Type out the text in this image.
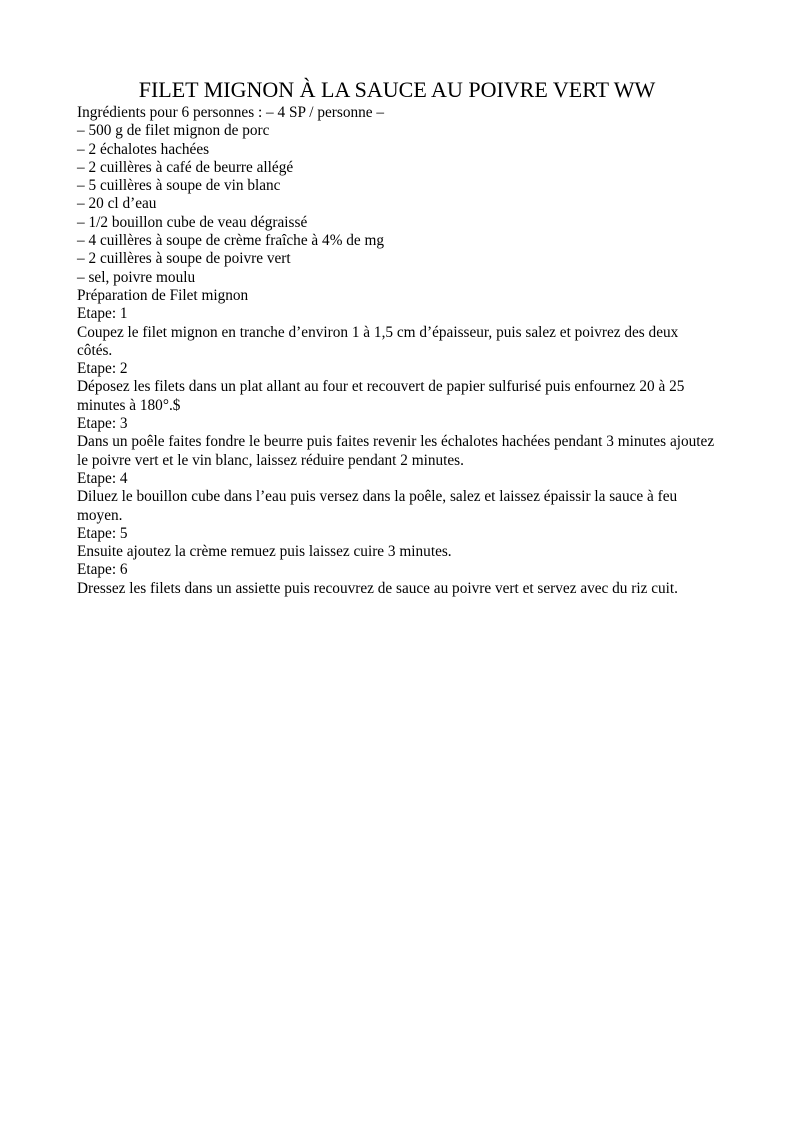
FILET MIGNON À LA SAUCE AU POIVRE VERT WW

Ingrédients pour 6 personnes : – 4 SP / personne –

– 500 g de filet mignon de porc

– 2 échalotes hachées

– 2 cuillères à café de beurre allégé

– 5 cuillères à soupe de vin blanc

– 20 cl d’eau

– 1/2 bouillon cube de veau dégraissé

– 4 cuillères à soupe de crème fraîche à 4% de mg

– 2 cuillères à soupe de poivre vert

– sel, poivre moulu

Préparation de Filet mignon

Etape: 1

Coupez le filet mignon en tranche d’environ 1 à 1,5 cm d’épaisseur, puis salez et poivrez des deux côtés.

Etape: 2

Déposez les filets dans un plat allant au four et recouvert de papier sulfurisé puis enfournez 20 à 25 minutes à 180°.$

Etape: 3

Dans un poêle faites fondre le beurre puis faites revenir les échalotes hachées pendant 3 minutes ajoutez le poivre vert et le vin blanc, laissez réduire pendant 2 minutes.

Etape: 4

Diluez le bouillon cube dans l’eau puis versez dans la poêle, salez et laissez épaissir la sauce à feu moyen.

Etape: 5

Ensuite ajoutez la crème remuez puis laissez cuire 3 minutes.

Etape: 6

Dressez les filets dans un assiette puis recouvrez de sauce au poivre vert et servez avec du riz cuit.
